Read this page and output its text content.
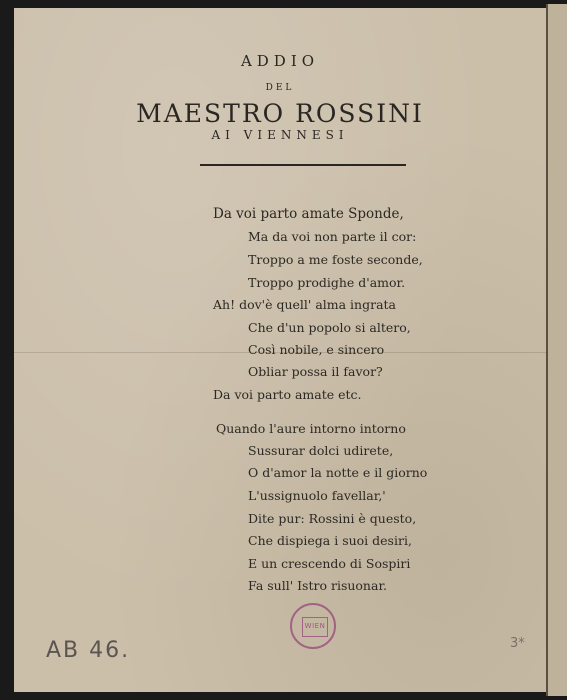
ADDIO
DEL
MAESTRO ROSSINI
AI VIENNESI
Da voi parto amate Sponde,
Ma da voi non parte il cor:
Troppo a me foste seconde,
Troppo prodighe d'amor.
Ah! dov'è quell' alma ingrata
Che d'un popolo si altero,
Così nobile, e sincero
Obliar possa il favor?
Da voi parto amate etc.
Quando l'aure intorno intorno
Sussurar dolci udirete,
O d'amor la notte e il giorno
L'ussignuolo favellar,'
Dite pur: Rossini è questo,
Che dispiega i suoi desiri,
E un crescendo di Sospiri
Fa sull' Istro risuonar.
WIEN
AB 46.	3*
